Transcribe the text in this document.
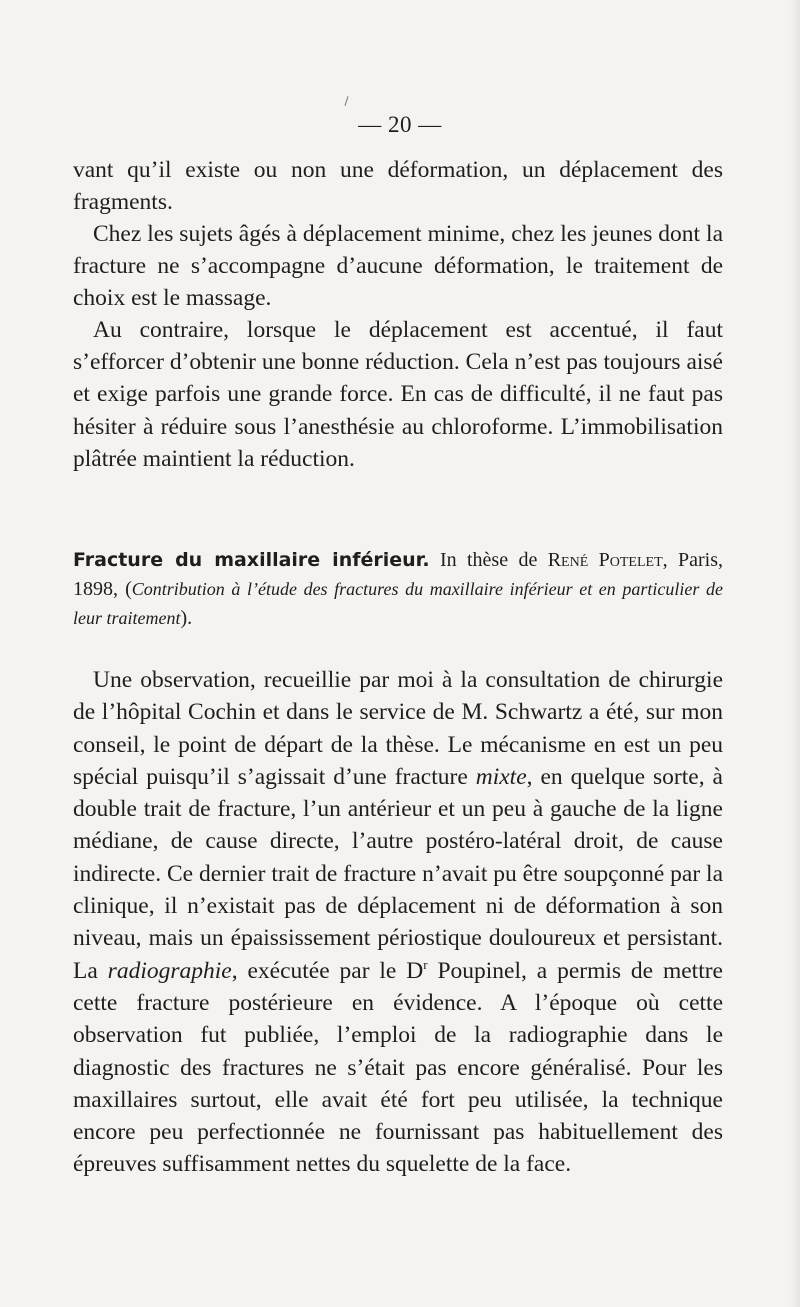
— 20 —

vant qu’il existe ou non une déformation, un déplacement des fragments.

Chez les sujets âgés à déplacement minime, chez les jeunes dont la fracture ne s’accompagne d’aucune déformation, le traitement de choix est le massage.

Au contraire, lorsque le déplacement est accentué, il faut s’efforcer d’obtenir une bonne réduction. Cela n’est pas toujours aisé et exige parfois une grande force. En cas de difficulté, il ne faut pas hésiter à réduire sous l’anesthésie au chloroforme. L’immobilisation plâtrée maintient la réduction.

Fracture du maxillaire inférieur. In thèse de René Potelet, Paris, 1898, (Contribution à l’étude des fractures du maxillaire inférieur et en particulier de leur traitement).

Une observation, recueillie par moi à la consultation de chirurgie de l’hôpital Cochin et dans le service de M. Schwartz a été, sur mon conseil, le point de départ de la thèse. Le mécanisme en est un peu spécial puisqu’il s’agissait d’une fracture mixte, en quelque sorte, à double trait de fracture, l’un antérieur et un peu à gauche de la ligne médiane, de cause directe, l’autre postéro-latéral droit, de cause indirecte. Ce dernier trait de fracture n’avait pu être soupçonné par la clinique, il n’existait pas de déplacement ni de déformation à son niveau, mais un épaississement périostique douloureux et persistant. La radiographie, exécutée par le $D^r$ Poupinel, a permis de mettre cette fracture postérieure en évidence. A l’époque où cette observation fut publiée, l’emploi de la radiographie dans le diagnostic des fractures ne s’était pas encore généralisé. Pour les maxillaires surtout, elle avait été fort peu utilisée, la technique encore peu perfectionnée ne fournissant pas habituellement des épreuves suffisamment nettes du squelette de la face.
